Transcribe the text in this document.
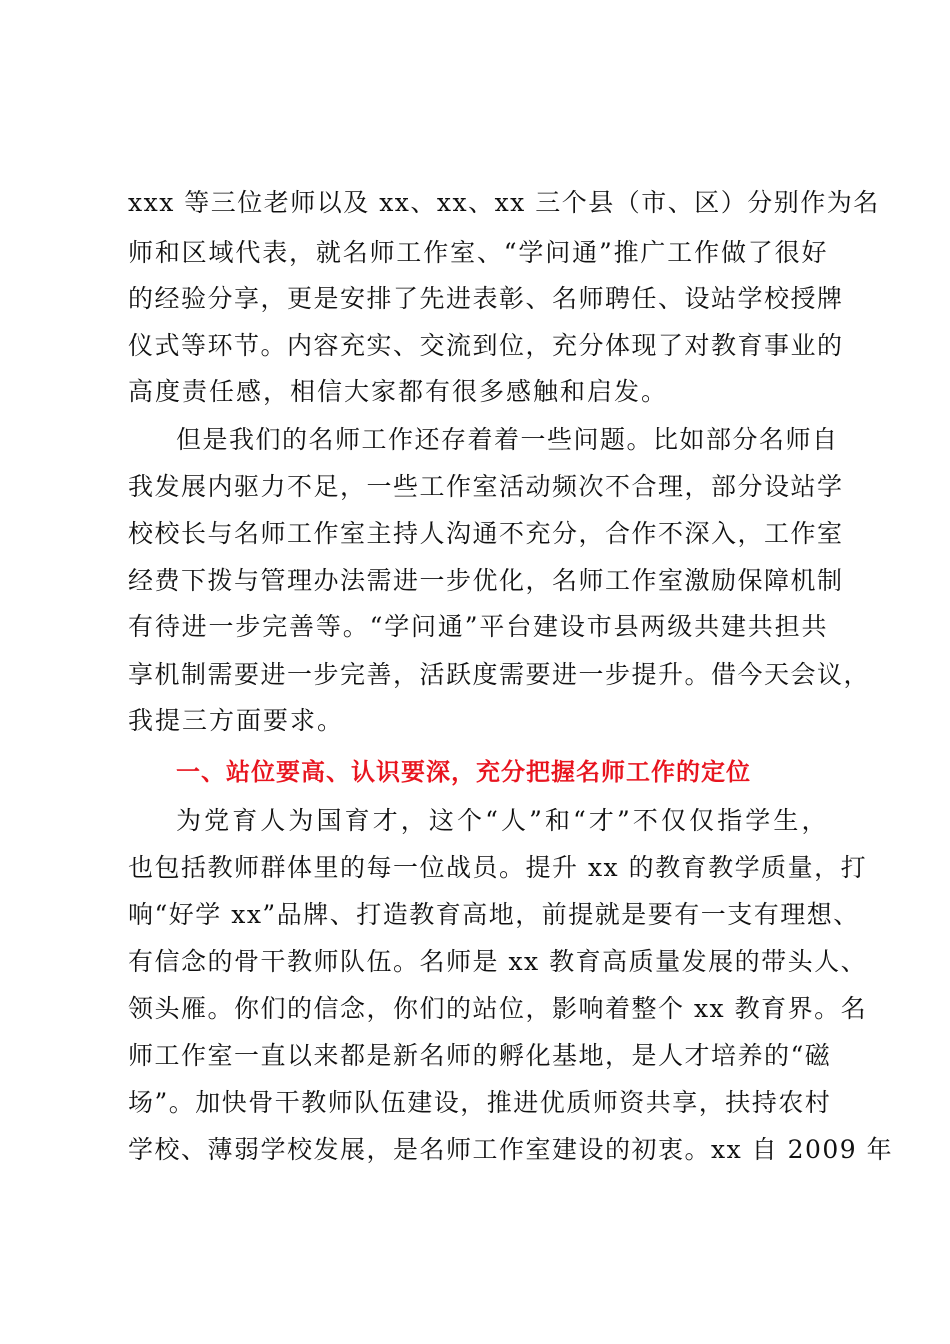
xxx 等三位老师以及 xx、xx、xx 三个县（市、区）分别作为名
师和区域代表，就名师工作室、“学问通”推广工作做了很好
的经验分享，更是安排了先进表彰、名师聘任、设站学校授牌
仪式等环节。内容充实、交流到位，充分体现了对教育事业的
高度责任感，相信大家都有很多感触和启发。
但是我们的名师工作还存着着一些问题。比如部分名师自
我发展内驱力不足，一些工作室活动频次不合理，部分设站学
校校长与名师工作室主持人沟通不充分，合作不深入，工作室
经费下拨与管理办法需进一步优化，名师工作室激励保障机制
有待进一步完善等。“学问通”平台建设市县两级共建共担共
享机制需要进一步完善，活跃度需要进一步提升。借今天会议，
我提三方面要求。
一、站位要高、认识要深，充分把握名师工作的定位
为党育人为国育才，这个“人”和“才”不仅仅指学生，
也包括教师群体里的每一位战员。提升 xx 的教育教学质量，打
响“好学 xx”品牌、打造教育高地，前提就是要有一支有理想、
有信念的骨干教师队伍。名师是 xx 教育高质量发展的带头人、
领头雁。你们的信念，你们的站位，影响着整个 xx 教育界。名
师工作室一直以来都是新名师的孵化基地，是人才培养的“磁
场”。加快骨干教师队伍建设，推进优质师资共享，扶持农村
学校、薄弱学校发展，是名师工作室建设的初衷。xx 自 2009 年
